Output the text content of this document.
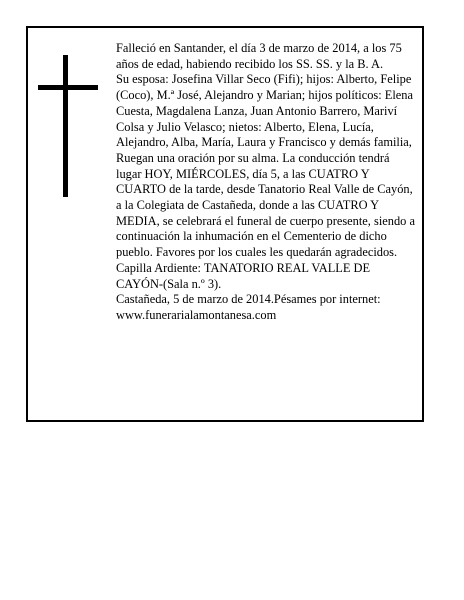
Falleció en Santander, el día 3 de marzo de 2014, a los 75 años de edad, habiendo recibido los SS. SS. y la B. A.

Su esposa: Josefina Villar Seco (Fifi); hijos: Alberto, Felipe (Coco), M.ª José, Alejandro y Marian; hijos políticos: Elena Cuesta, Magdalena Lanza, Juan Antonio Barrero, Mariví Colsa y Julio Velasco; nietos: Alberto, Elena, Lucía, Alejandro, Alba, María, Laura y Francisco y demás familia,

Ruegan una oración por su alma. La conducción tendrá lugar HOY, MIÉRCOLES, día 5, a las CUATRO Y CUARTO de la tarde, desde Tanatorio Real Valle de Cayón, a la Colegiata de Castañeda, donde a las CUATRO Y MEDIA, se celebrará el funeral de cuerpo presente, siendo a continuación la inhumación en el Cementerio de dicho pueblo. Favores por los cuales les quedarán agradecidos. Capilla Ardiente: TANATORIO REAL VALLE DE CAYÓN-(Sala n.º 3).

Castañeda, 5 de marzo de 2014.Pésames por internet: www.funerarialamontanesa.com
